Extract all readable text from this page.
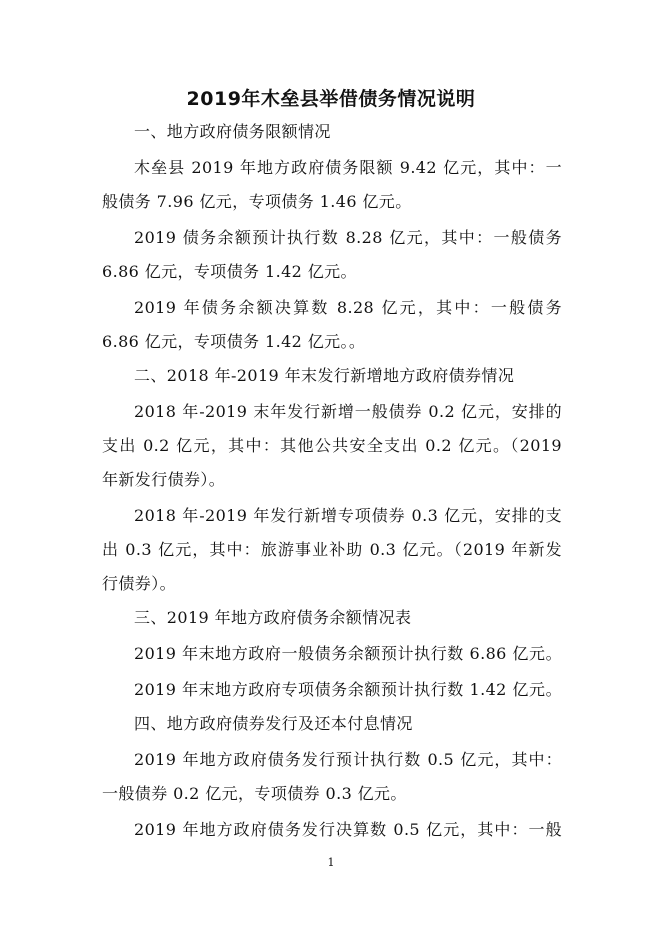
2019年木垒县举借债务情况说明
一、地方政府债务限额情况
木垒县 2019 年地方政府债务限额 9.42 亿元，其中：一
般债务 7.96 亿元，专项债务 1.46 亿元。
2019 债务余额预计执行数 8.28 亿元，其中：一般债务
6.86 亿元，专项债务 1.42 亿元。
2019 年债务余额决算数 8.28 亿元，其中：一般债务
6.86 亿元，专项债务 1.42 亿元。。
二、2018 年-2019 年末发行新增地方政府债券情况
2018 年-2019 末年发行新增一般债券 0.2 亿元，安排的
支出 0.2 亿元，其中：其他公共安全支出 0.2 亿元。（2019
年新发行债券）。
2018 年-2019 年发行新增专项债券 0.3 亿元，安排的支
出 0.3 亿元，其中：旅游事业补助 0.3 亿元。（2019 年新发
行债券）。
三、2019 年地方政府债务余额情况表
2019 年末地方政府一般债务余额预计执行数 6.86 亿元。
2019 年末地方政府专项债务余额预计执行数 1.42 亿元。
四、地方政府债券发行及还本付息情况
2019 年地方政府债务发行预计执行数 0.5 亿元，其中：
一般债券 0.2 亿元，专项债券 0.3 亿元。
2019 年地方政府债务发行决算数 0.5 亿元，其中：一般
1
